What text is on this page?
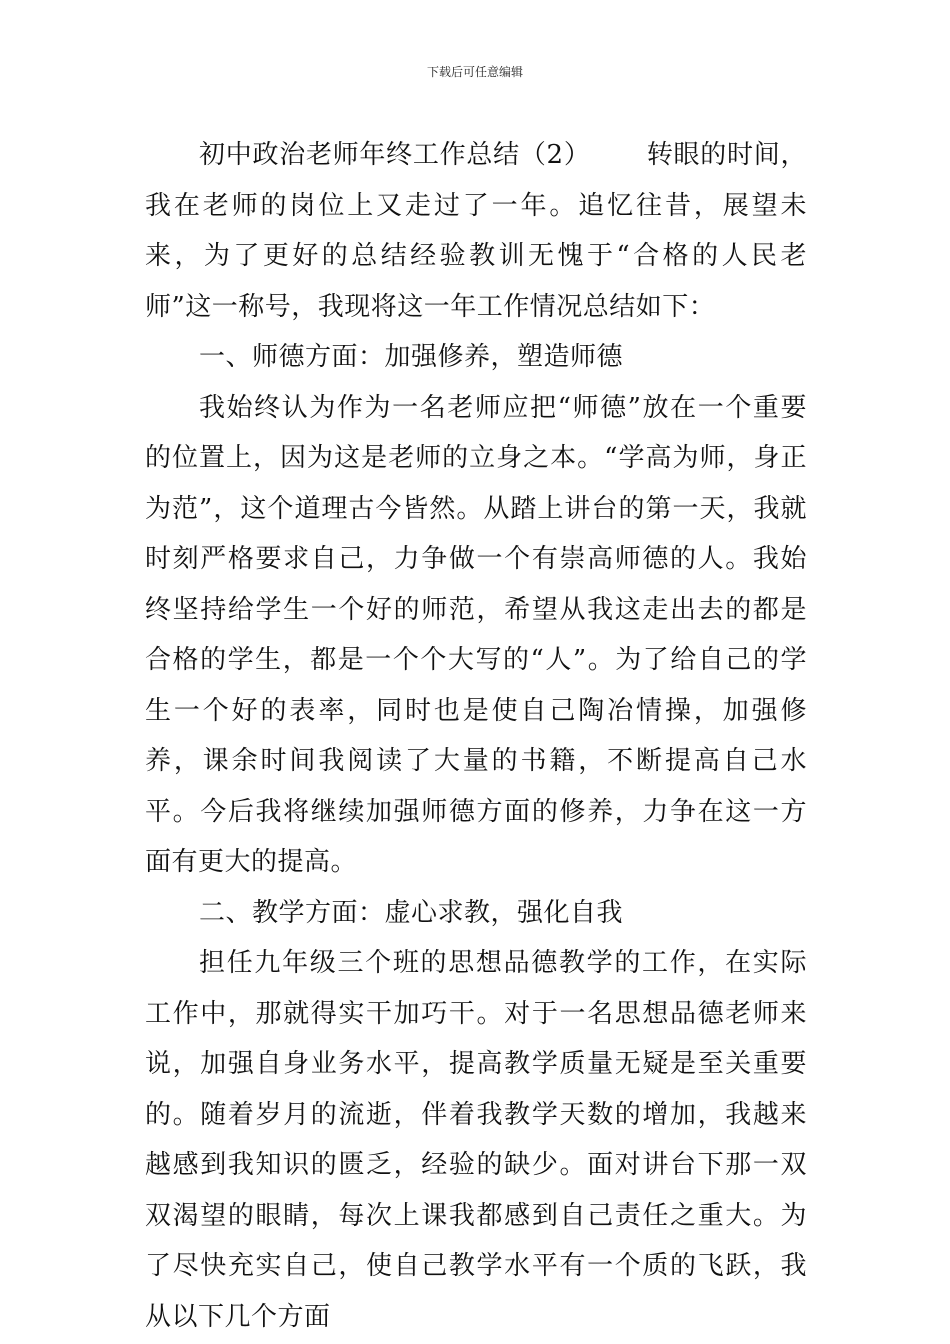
下载后可任意编辑

初中政治老师年终工作总结（2） 转眼的时间，我在老师的岗位上又走过了一年。追忆往昔，展望未来，为了更好的总结经验教训无愧于“合格的人民老师”这一称号，我现将这一年工作情况总结如下：

一、师德方面：加强修养，塑造师德

我始终认为作为一名老师应把“师德”放在一个重要的位置上，因为这是老师的立身之本。“学高为师，身正为范”，这个道理古今皆然。从踏上讲台的第一天，我就时刻严格要求自己，力争做一个有崇高师德的人。我始终坚持给学生一个好的师范，希望从我这走出去的都是合格的学生，都是一个个大写的“人”。为了给自己的学生一个好的表率，同时也是使自己陶冶情操，加强修养，课余时间我阅读了大量的书籍，不断提高自己水平。今后我将继续加强师德方面的修养，力争在这一方面有更大的提高。

二、教学方面：虚心求教，强化自我

担任九年级三个班的思想品德教学的工作，在实际工作中，那就得实干加巧干。对于一名思想品德老师来说，加强自身业务水平，提高教学质量无疑是至关重要的。随着岁月的流逝，伴着我教学天数的增加，我越来越感到我知识的匮乏，经验的缺少。面对讲台下那一双双渴望的眼睛，每次上课我都感到自己责任之重大。为了尽快充实自己，使自己教学水平有一个质的飞跃，我从以下几个方面
